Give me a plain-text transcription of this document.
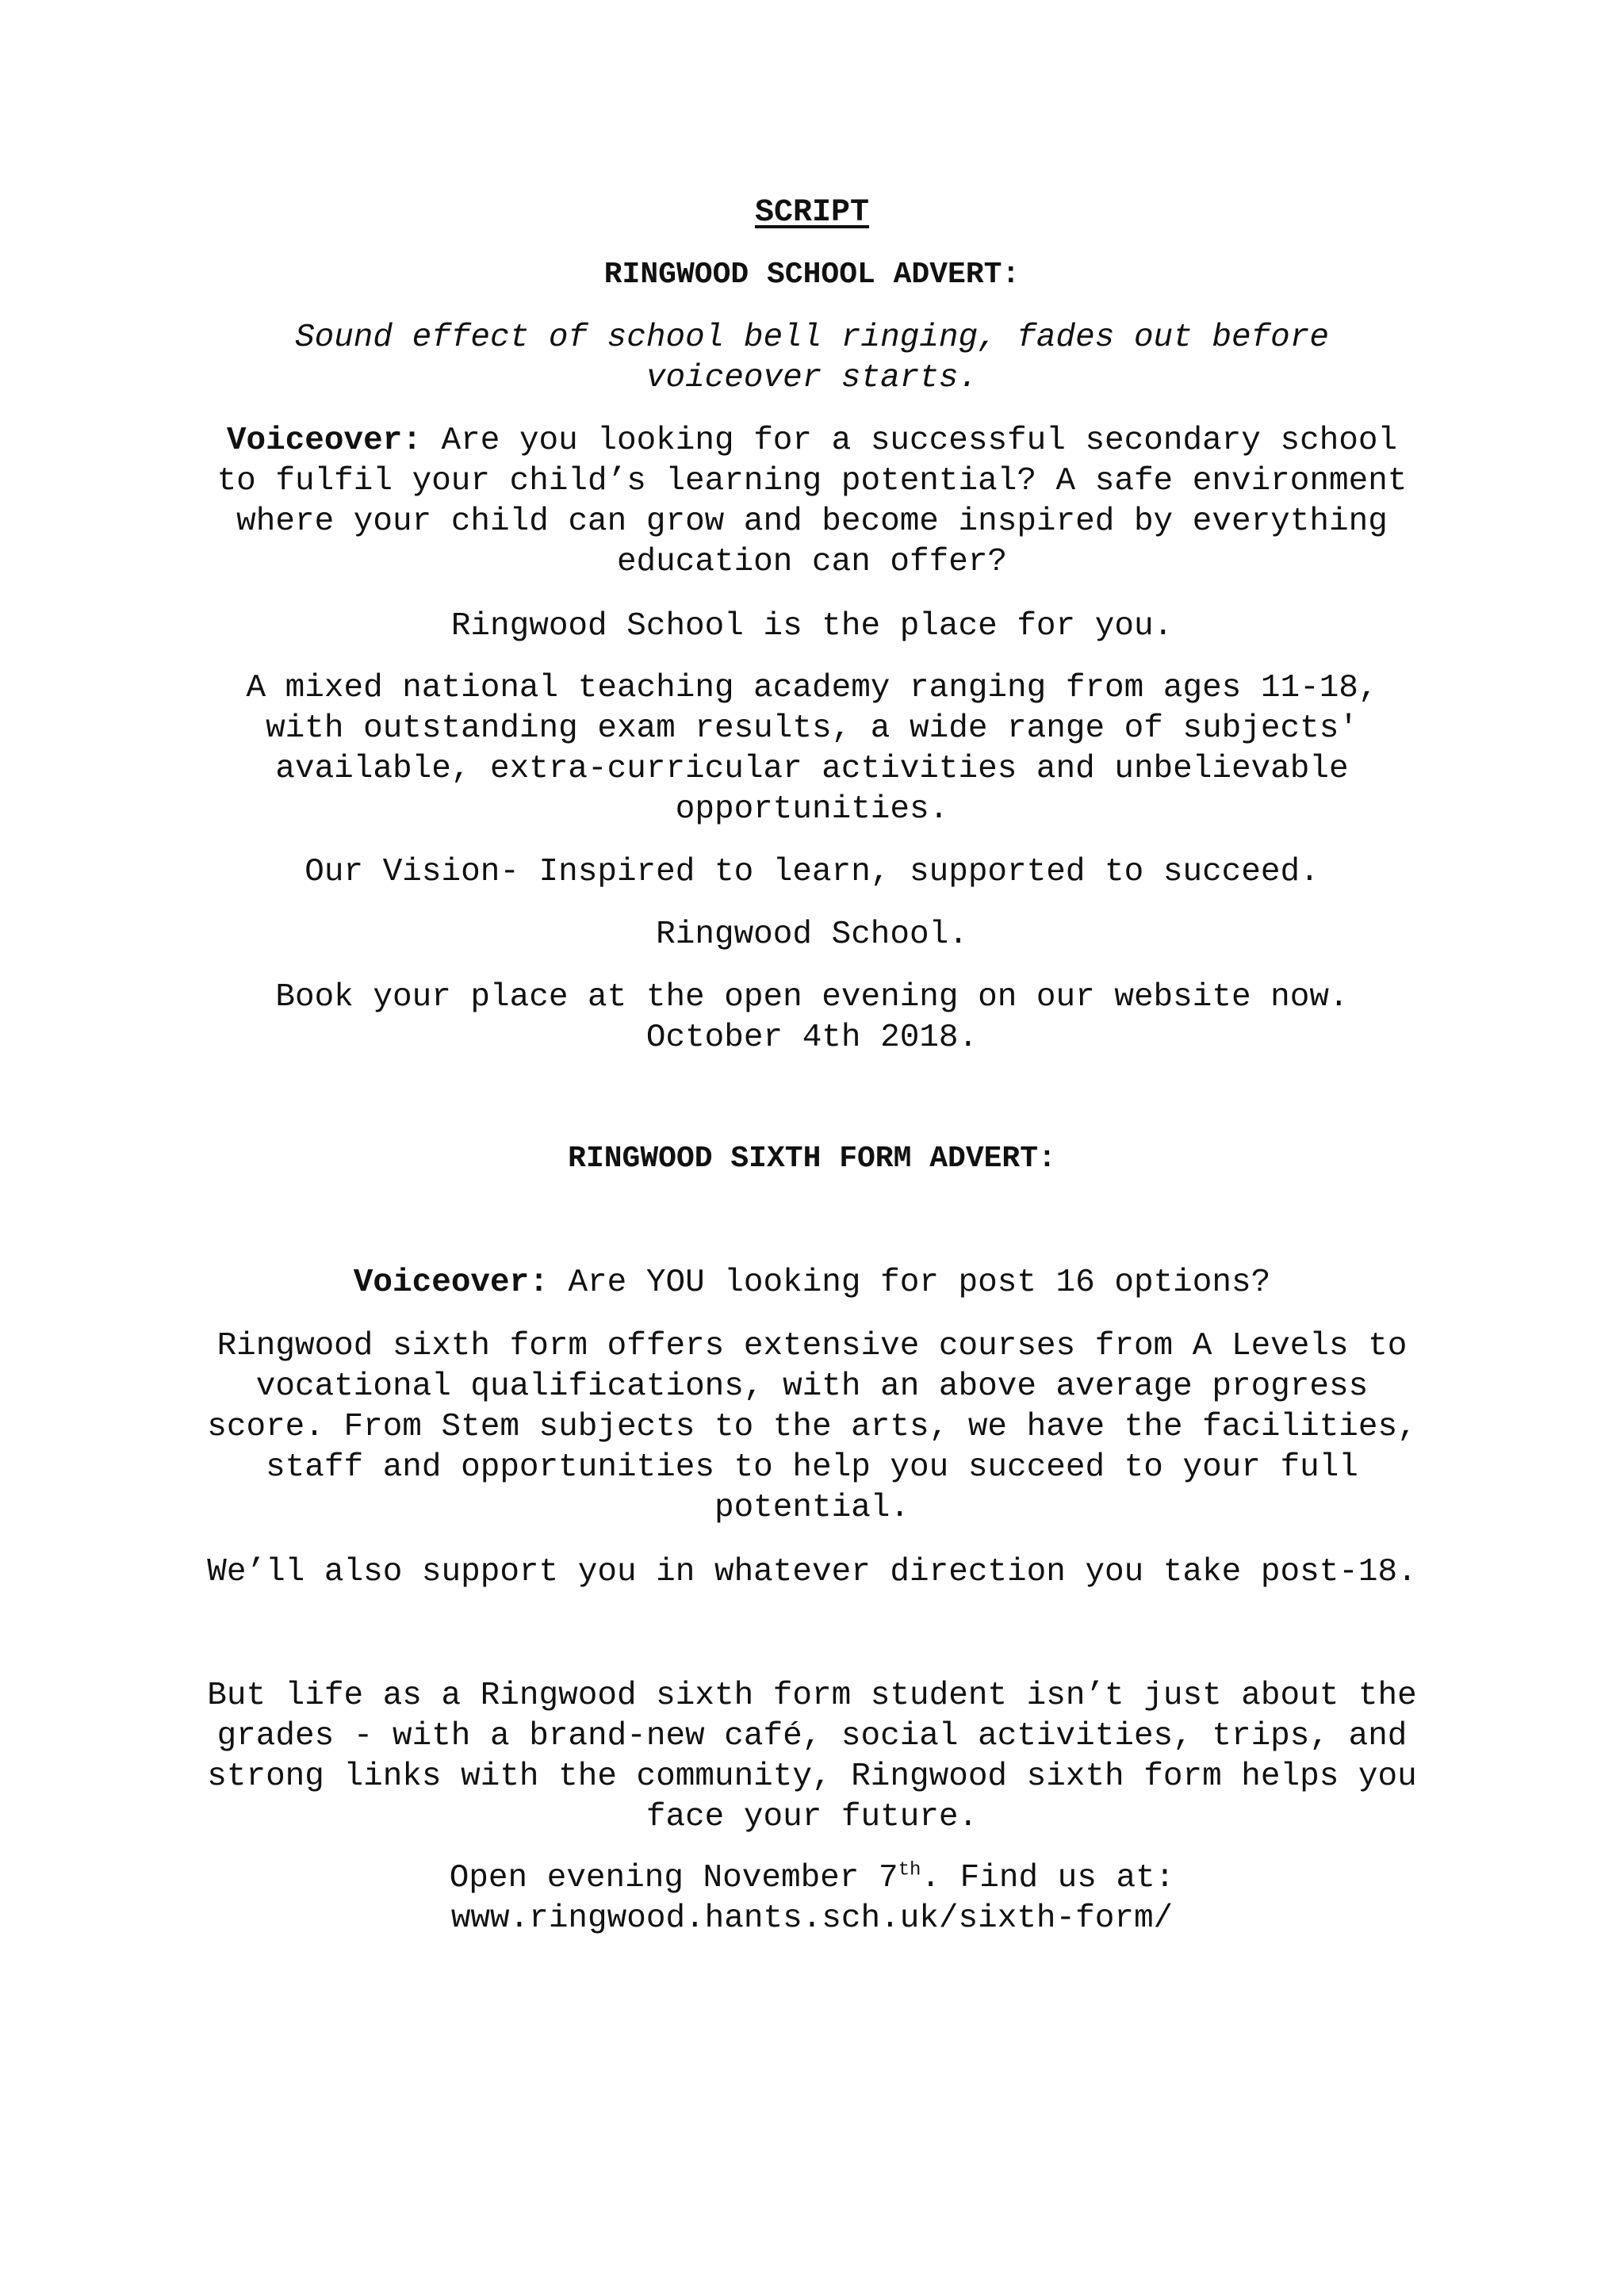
SCRIPT
RINGWOOD SCHOOL ADVERT:

Sound effect of school bell ringing, fades out before voiceover starts.

Voiceover: Are you looking for a successful secondary school to fulfil your child’s learning potential? A safe environment where your child can grow and become inspired by everything education can offer?

Ringwood School is the place for you.

A mixed national teaching academy ranging from ages 11-18, with outstanding exam results, a wide range of subjects' available, extra-curricular activities and unbelievable opportunities.

Our Vision- Inspired to learn, supported to succeed.

Ringwood School.

Book your place at the open evening on our website now. October 4th 2018.

RINGWOOD SIXTH FORM ADVERT:

Voiceover: Are YOU looking for post 16 options?

Ringwood sixth form offers extensive courses from A Levels to vocational qualifications, with an above average progress score. From Stem subjects to the arts, we have the facilities, staff and opportunities to help you succeed to your full potential.

We’ll also support you in whatever direction you take post-18.

But life as a Ringwood sixth form student isn’t just about the grades - with a brand-new café, social activities, trips, and strong links with the community, Ringwood sixth form helps you face your future.

Open evening November 7th. Find us at:

www.ringwood.hants.sch.uk/sixth-form/
